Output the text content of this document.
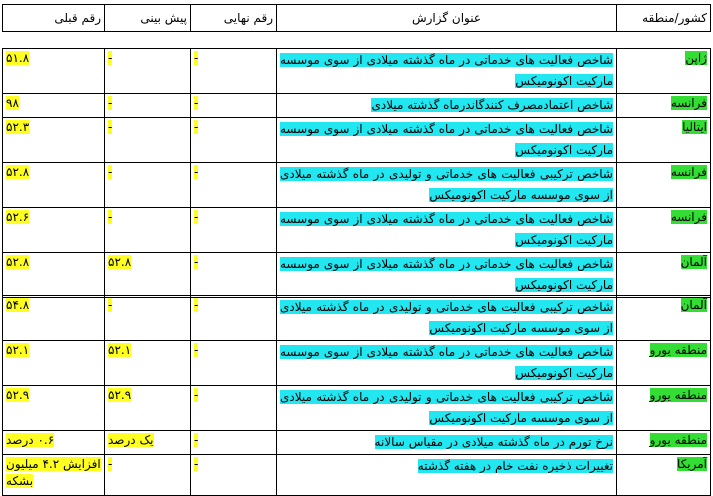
کشور/منطقه	عنوان گزارش	رقم نهایی	پیش بینی	رقم قبلی
ژاپن	شاخص فعالیت های خدماتی در ماه گذشته میلادی از سوی موسسه مارکیت اکونومیکس	-	-	۵۱.۸
فرانسه	شاخص اعتمادمصرف کنندگاندرماه گذشته میلادی	-	-	۹۸
ایتالیا	شاخص فعالیت های خدماتی در ماه گذشته میلادی از سوی موسسه مارکیت اکونومیکس	-	-	۵۲.۳
فرانسه	شاخص ترکیبی فعالیت های خدماتی و تولیدی در ماه گذشته میلادی از سوی موسسه مارکیت اکونومیکس	-	-	۵۲.۸
فرانسه	شاخص فعالیت های خدماتی در ماه گذشته میلادی از سوی موسسه مارکیت اکونومیکس	-	-	۵۲.۶
آلمان	شاخص فعالیت های خدماتی در ماه گذشته میلادی از سوی موسسه مارکیت اکونومیکس	-	۵۲.۸	۵۲.۸
آلمان	شاخص ترکیبی فعالیت های خدماتی و تولیدی در ماه گذشته میلادی از سوی موسسه مارکیت اکونومیکس	-	-	۵۴.۸
منطقه یورو	شاخص فعالیت های خدماتی در ماه گذشته میلادی از سوی موسسه مارکیت اکونومیکس	-	۵۲.۱	۵۲.۱
منطقه یورو	شاخص ترکیبی فعالیت های خدماتی و تولیدی در ماه گذشته میلادی از سوی موسسه مارکیت اکونومیکس	-	۵۲.۹	۵۲.۹
منطقه یورو	نرخ تورم در ماه گذشته میلادی در مقیاس سالانه	-	یک درصد	۰.۶ درصد
آمریکا	تغییرات ذخیره نفت خام در هفته گذشته	-	-	افزایش ۴.۲ میلیون بشکه
